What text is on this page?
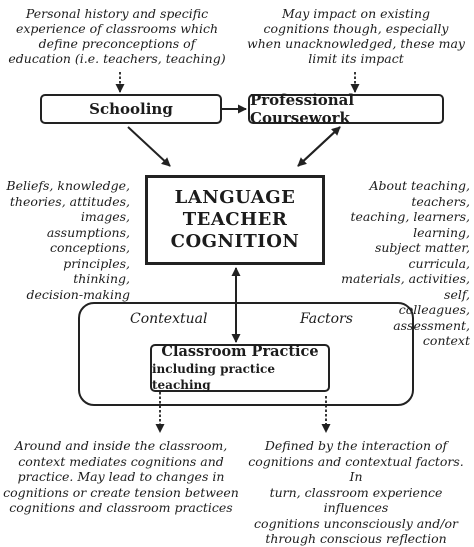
Personal history and specific
experience of classrooms which
define preconceptions of
education (i.e. teachers, teaching)
May impact on existing
cognitions though, especially
when unacknowledged, these may
limit its impact
Schooling	Professional Coursework
Beliefs, knowledge,
theories, attitudes,
images,
assumptions,
conceptions,
principles, thinking,
decision-making
About teaching, teachers,
teaching, learners, learning,
subject matter, curricula,
materials, activities, self,
colleagues, assessment,
context
LANGUAGE
TEACHER
COGNITION
Contextual	Factors
Classroom Practice
including practice teaching
Around and inside the classroom,
context mediates cognitions and
practice. May lead to changes in
cognitions or create tension between
cognitions and classroom practices
Defined by the interaction of
cognitions and contextual factors. In
turn, classroom experience influences
cognitions unconsciously and/or
through conscious reflection
